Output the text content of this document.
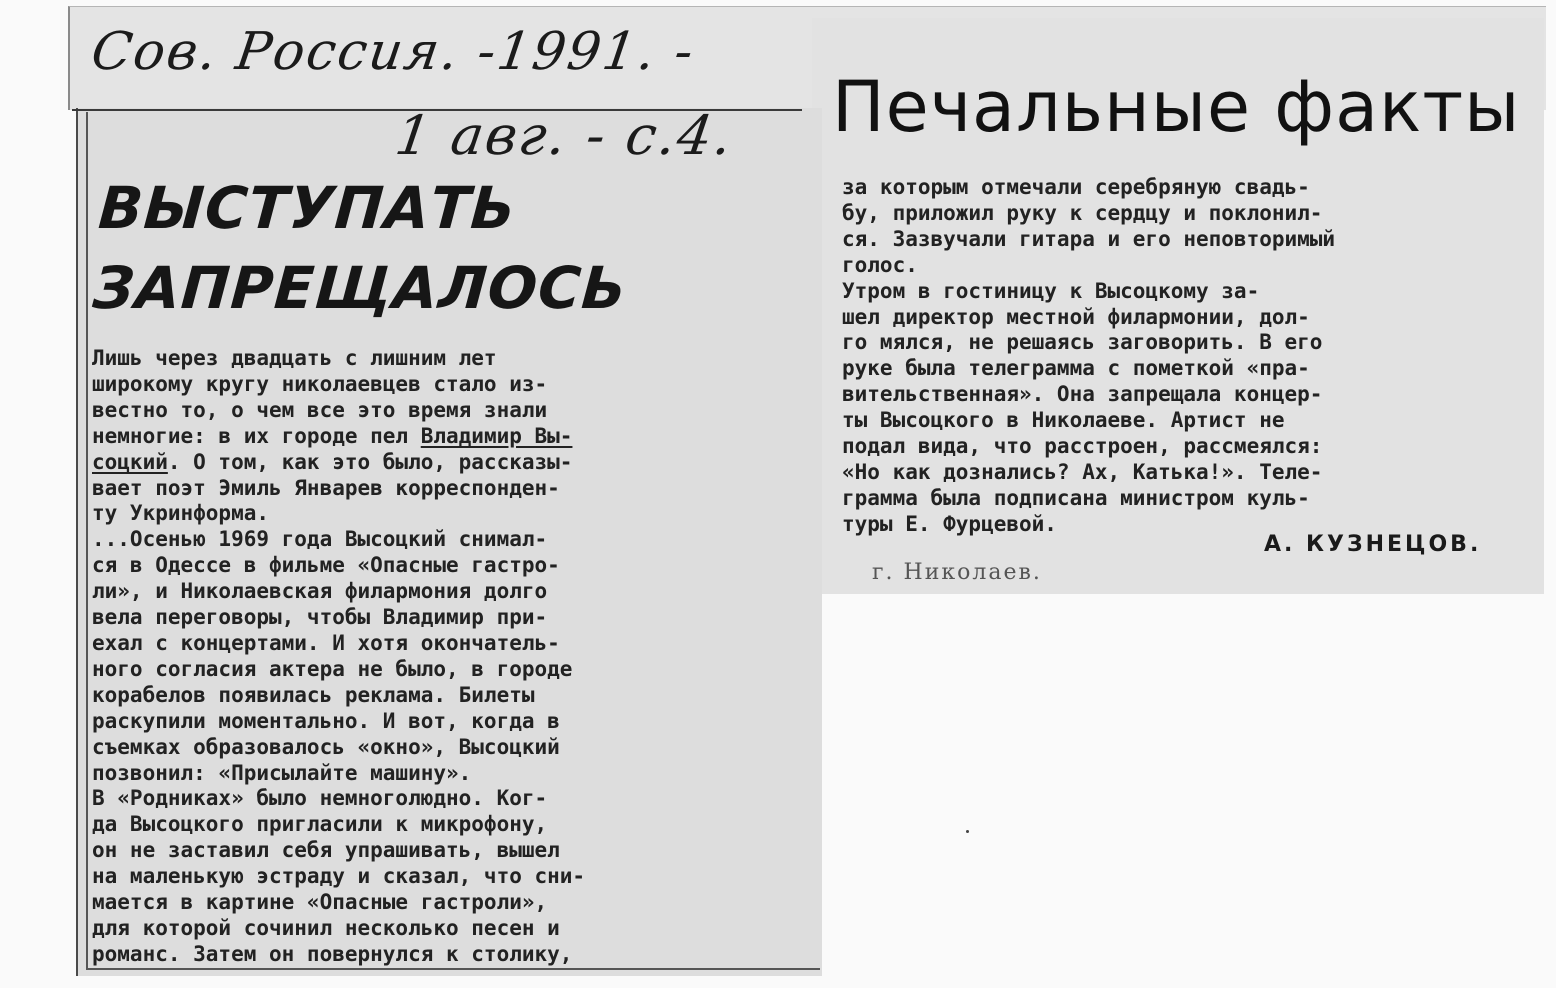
Сов. Россия. -1991. -

1 авг. - с.4. Печальные факты
ВЫСТУПАТЬ
ЗАПРЕЩАЛОСЬ

Лишь через двадцать с лишним лет
широкому кругу николаевцев стало из-
вестно то, о чем все это время знали
немногие: в их городе пел Владимир Вы-
соцкий. О том, как это было, рассказы-
вает поэт Эмиль Январев корреспонден-
ту Укринформа.

...Осенью 1969 года Высоцкий снимал-
ся в Одессе в фильме «Опасные гастро-
ли», и Николаевская филармония долго
вела переговоры, чтобы Владимир при-
ехал с концертами. И хотя окончатель-
ного согласия актера не было, в городе
корабелов появилась реклама. Билеты
раскупили моментально. И вот, когда в
съемках образовалось «окно», Высоцкий
позвонил: «Присылайте машину».

В «Родниках» было немноголюдно. Ког-
да Высоцкого пригласили к микрофону,
он не заставил себя упрашивать, вышел
на маленькую эстраду и сказал, что сни-
мается в картине «Опасные гастроли»,
для которой сочинил несколько песен и
романс. Затем он повернулся к столику,

за которым отмечали серебряную свадь-
бу, приложил руку к сердцу и поклонил-
ся. Зазвучали гитара и его неповторимый
голос.

Утром в гостиницу к Высоцкому за-
шел директор местной филармонии, дол-
го мялся, не решаясь заговорить. В его
руке была телеграмма с пометкой «пра-
вительственная». Она запрещала концер-
ты Высоцкого в Николаеве. Артист не
подал вида, что расстроен, рассмеялся:
«Но как дознались? Ах, Катька!». Теле-
грамма была подписана министром куль-
туры Е. Фурцевой.

А. КУЗНЕЦОВ.

г. Николаев.
